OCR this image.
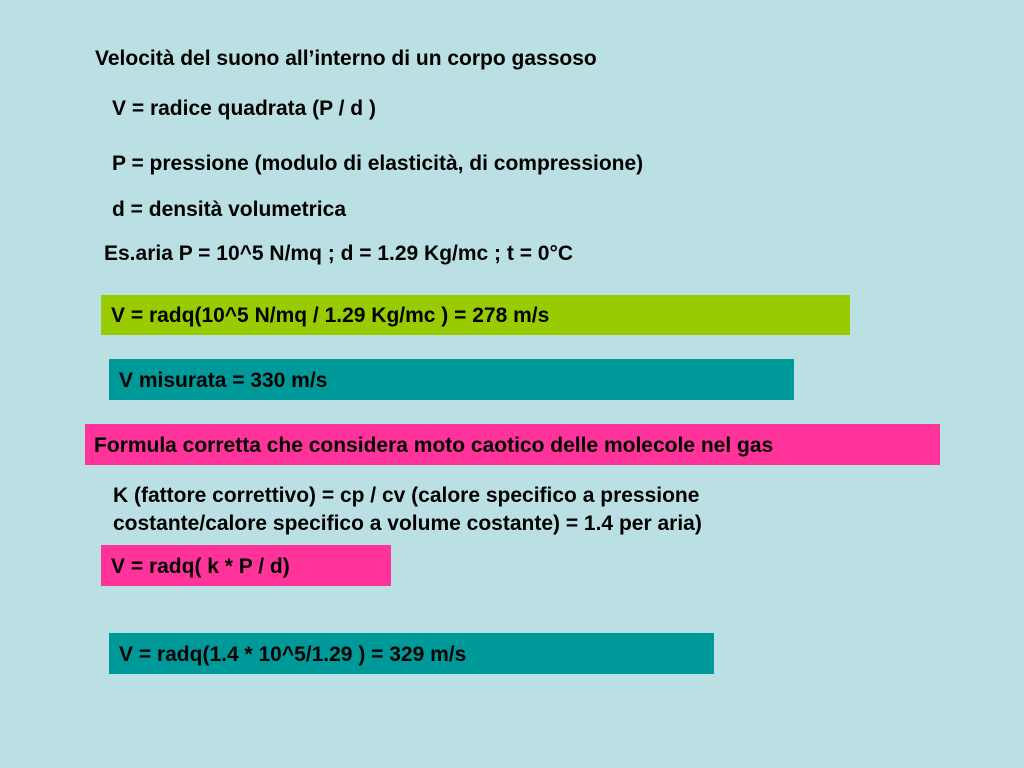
Velocità del suono all’interno di un corpo gassoso
V = radice quadrata (P / d )
P = pressione (modulo di elasticità, di compressione)
d = densità volumetrica
Es.aria P = 10^5 N/mq ; d = 1.29 Kg/mc ; t = 0°C
V = radq(10^5 N/mq / 1.29 Kg/mc ) = 278 m/s
V misurata = 330 m/s
Formula corretta che considera moto caotico delle molecole nel gas
K (fattore correttivo) = cp / cv (calore specifico a pressione
costante/calore specifico a volume costante) = 1.4 per aria)
V = radq( k * P / d)
V = radq(1.4 * 10^5/1.29 ) = 329 m/s
